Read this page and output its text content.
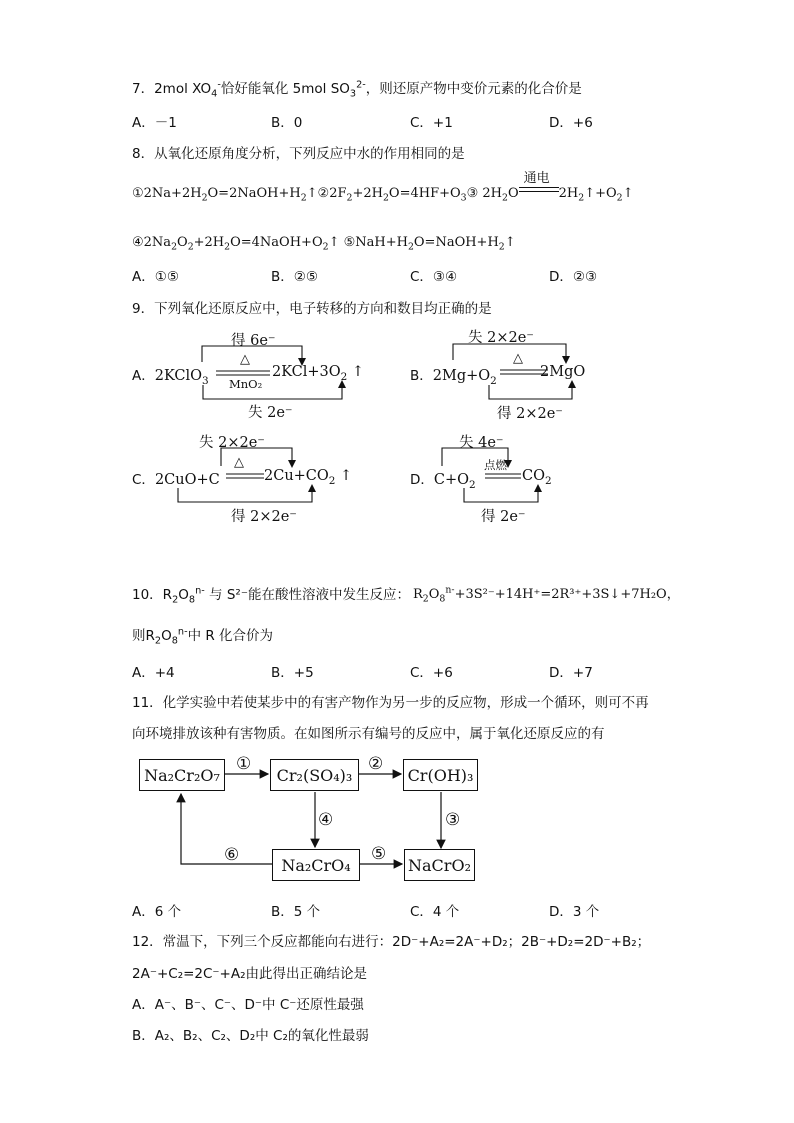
7．2mol $XO_4^-$恰好能氧化 5mol $SO_3^{2-}$，则还原产物中变价元素的化合价是
A．－1	B．0	C．+1	D．+6
8．从氧化还原角度分析，下列反应中水的作用相同的是
$①2Na+2H_2O=2NaOH+H_2↑②2F_2+2H_2O=4HF+O_3③$ $2H_2O$
通电
$2H_2↑+O_2↑$
$④2Na_2O_2+2H_2O=4NaOH+O_2↑$ $⑤NaH+H_2O=NaOH+H_2↑$
A．①⑤	B．②⑤	C．③④	D．②③
9．下列氧化还原反应中，电子转移的方向和数目均正确的是
得 6e⁻
△
MnO₂
A．2KClO$_3$
$2KCl+3O_2$ ↑
失 2e⁻
失 2×2e⁻
△
B．$2Mg+O_2$
2MgO
得 2×2e⁻
失 2×2e⁻
△
C．2CuO+C	$2Cu+CO_2$ ↑
得 2×2e⁻
失 4e⁻
点燃
D．$C+O_2$
$CO_2$
得 2e⁻
10．$R_2O_8^{n-}$ 与 S²⁻能在酸性溶液中发生反应： $R_2O_8^{n-}+3S^{2-}+14H^+=2R^{3+}+3S↓+7H_2O$，
则$R_2O_8^{n-}$中 R 化合价为
A．+4	B．+5	C．+6	D．+7
11．化学实验中若使某步中的有害产物作为另一步的反应物，形成一个循环，则可不再
向环境排放该种有害物质。在如图所示有编号的反应中，属于氧化还原反应的有
Na₂Cr₂O₇	Cr₂(SO₄)₃	Cr(OH)₃
Na₂CrO₄	NaCrO₂
①	②
③
④
⑤
⑥
A．6 个	B．5 个	C．4 个	D．3 个
12．常温下，下列三个反应都能向右进行：2D⁻+A₂=2A⁻+D₂；2B⁻+D₂=2D⁻+B₂；
2A⁻+C₂=2C⁻+A₂由此得出正确结论是
A．A⁻、B⁻、C⁻、D⁻中 C⁻还原性最强
B．A₂、B₂、C₂、D₂中 C₂的氧化性最弱
